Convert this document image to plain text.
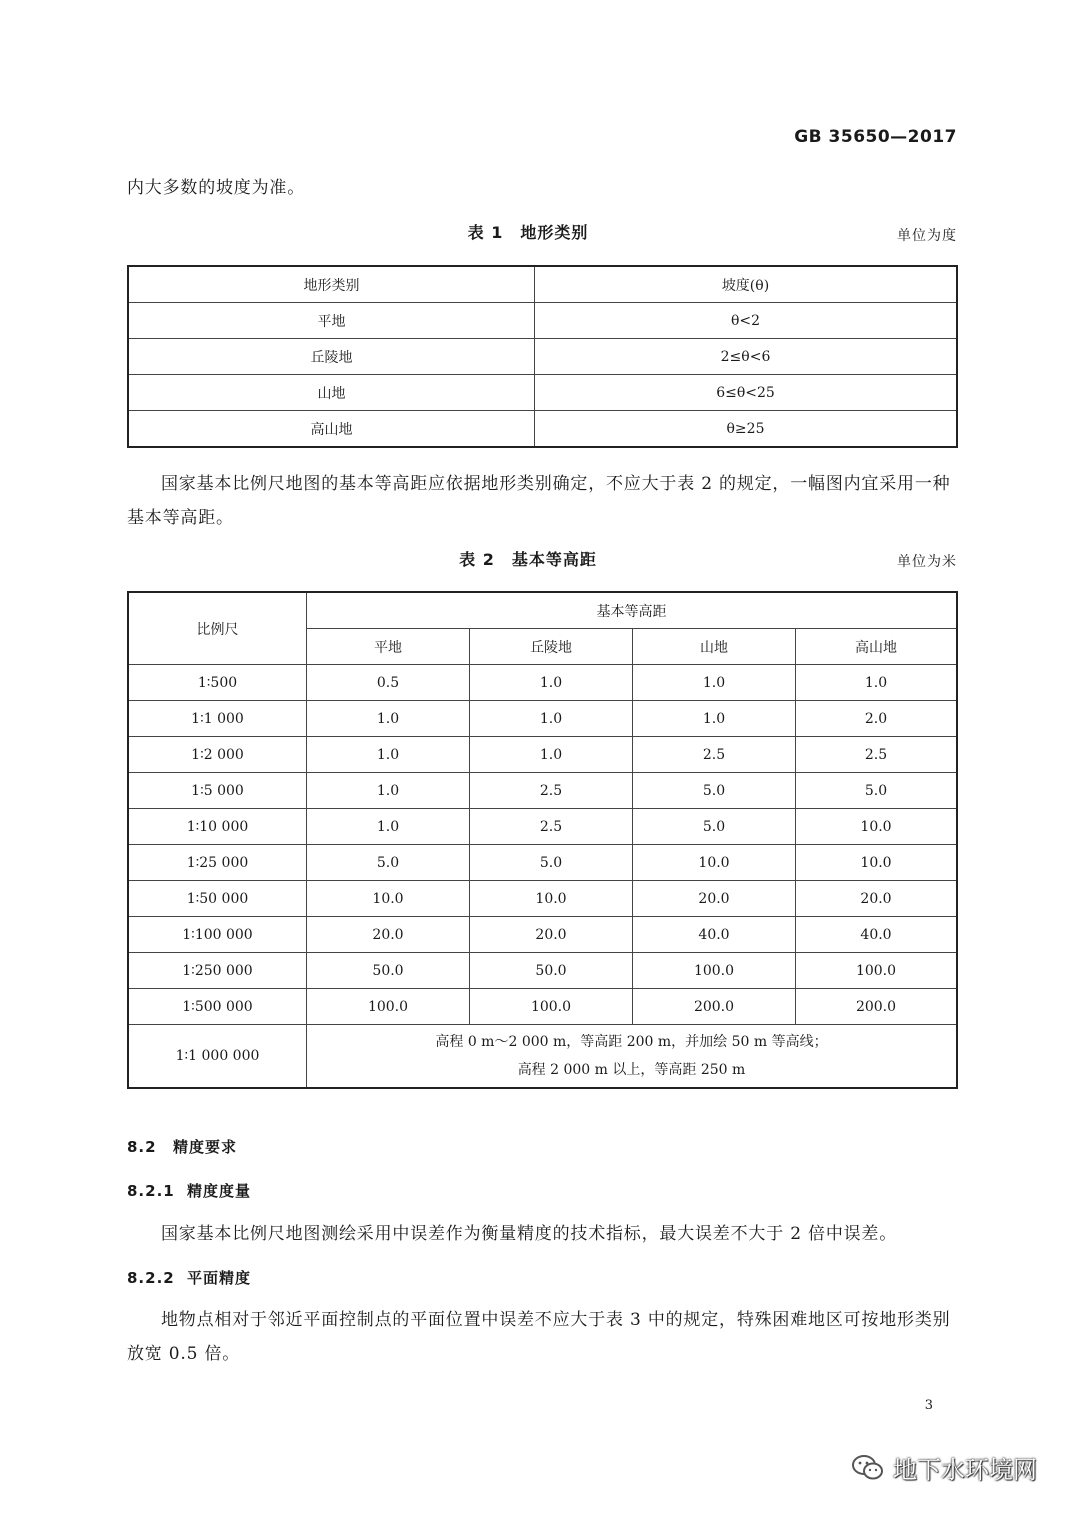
GB 35650—2017
内大多数的坡度为准。
表 1　地形类别	单位为度
地形类别	坡度(θ)
平地	θ<2
丘陵地	2≤θ<6
山地	6≤θ<25
高山地	θ≥25
国家基本比例尺地图的基本等高距应依据地形类别确定，不应大于表 2 的规定，一幅图内宜采用一种基本等高距。
表 2　基本等高距	单位为米
比例尺	基本等高距			
	平地	丘陵地	山地	高山地
1∶500	0.5	1.0	1.0	1.0
1∶1 000	1.0	1.0	1.0	2.0
1∶2 000	1.0	1.0	2.5	2.5
1∶5 000	1.0	2.5	5.0	5.0
1∶10 000	1.0	2.5	5.0	10.0
1∶25 000	5.0	5.0	10.0	10.0
1∶50 000	10.0	10.0	20.0	20.0
1∶100 000	20.0	20.0	40.0	40.0
1∶250 000	50.0	50.0	100.0	100.0
1∶500 000	100.0	100.0	200.0	200.0
1∶1 000 000	高程 0 m～2 000 m，等高距 200 m，并加绘 50 m 等高线；
高程 2 000 m 以上，等高距 250 m			
8.2 精度要求
8.2.1 精度度量
国家基本比例尺地图测绘采用中误差作为衡量精度的技术指标，最大误差不大于 2 倍中误差。
8.2.2 平面精度
地物点相对于邻近平面控制点的平面位置中误差不应大于表 3 中的规定，特殊困难地区可按地形类别放宽 0.5 倍。
3
地下水环境网
